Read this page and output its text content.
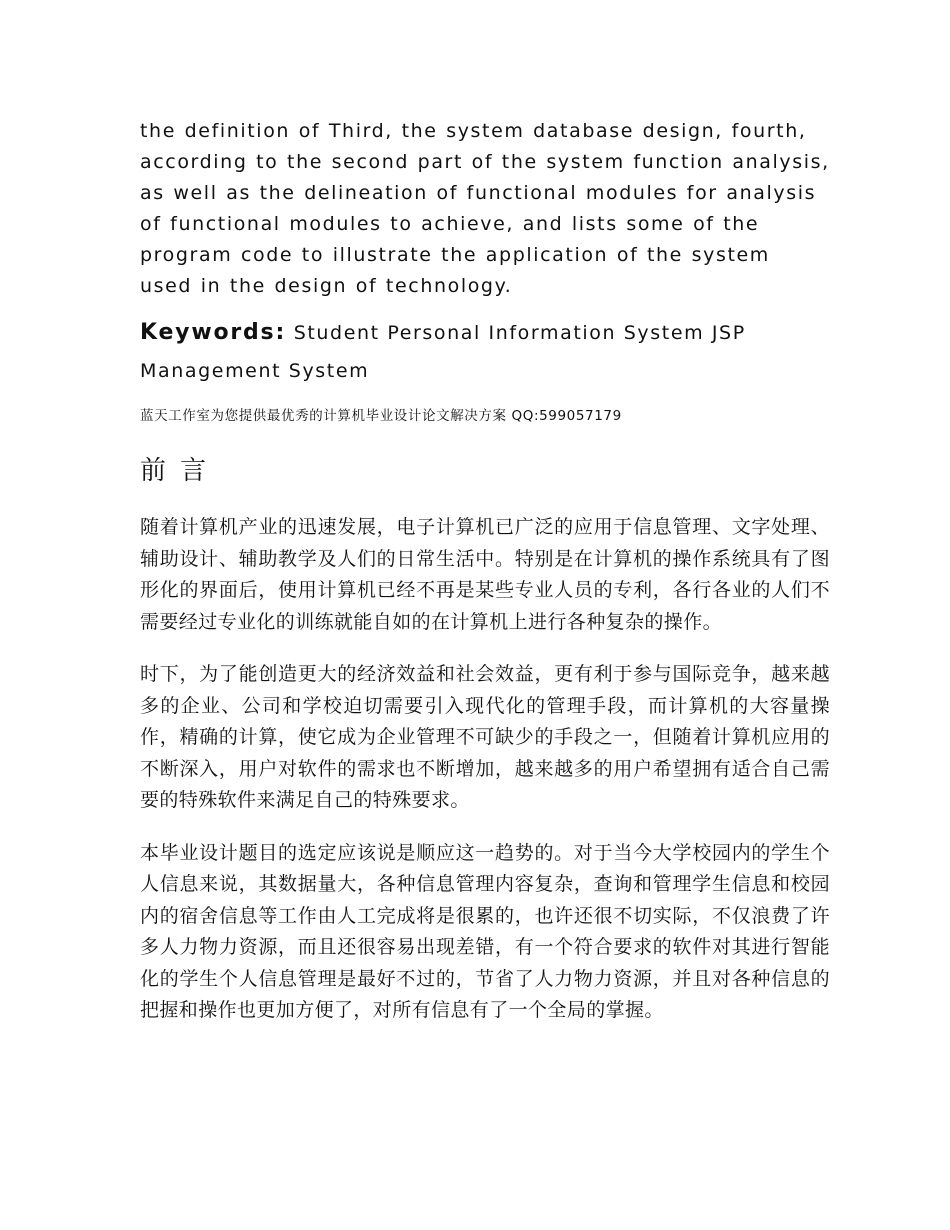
the definition of Third, the system database design, fourth, according to the second part of the system function analysis, as well as the delineation of functional modules for analysis of functional modules to achieve, and lists some of the program code to illustrate the application of the system used in the design of technology.

Keywords: Student Personal Information System JSP Management System

蓝天工作室为您提供最优秀的计算机毕业设计论文解决方案 QQ:599057179

前言

随着计算机产业的迅速发展，电子计算机已广泛的应用于信息管理、文字处理、辅助设计、辅助教学及人们的日常生活中。特别是在计算机的操作系统具有了图形化的界面后，使用计算机已经不再是某些专业人员的专利，各行各业的人们不需要经过专业化的训练就能自如的在计算机上进行各种复杂的操作。

时下，为了能创造更大的经济效益和社会效益，更有利于参与国际竞争，越来越多的企业、公司和学校迫切需要引入现代化的管理手段，而计算机的大容量操作，精确的计算，使它成为企业管理不可缺少的手段之一，但随着计算机应用的不断深入，用户对软件的需求也不断增加，越来越多的用户希望拥有适合自己需要的特殊软件来满足自己的特殊要求。

本毕业设计题目的选定应该说是顺应这一趋势的。对于当今大学校园内的学生个人信息来说，其数据量大，各种信息管理内容复杂，查询和管理学生信息和校园内的宿舍信息等工作由人工完成将是很累的，也许还很不切实际，不仅浪费了许多人力物力资源，而且还很容易出现差错，有一个符合要求的软件对其进行智能化的学生个人信息管理是最好不过的，节省了人力物力资源，并且对各种信息的把握和操作也更加方便了，对所有信息有了一个全局的掌握。
